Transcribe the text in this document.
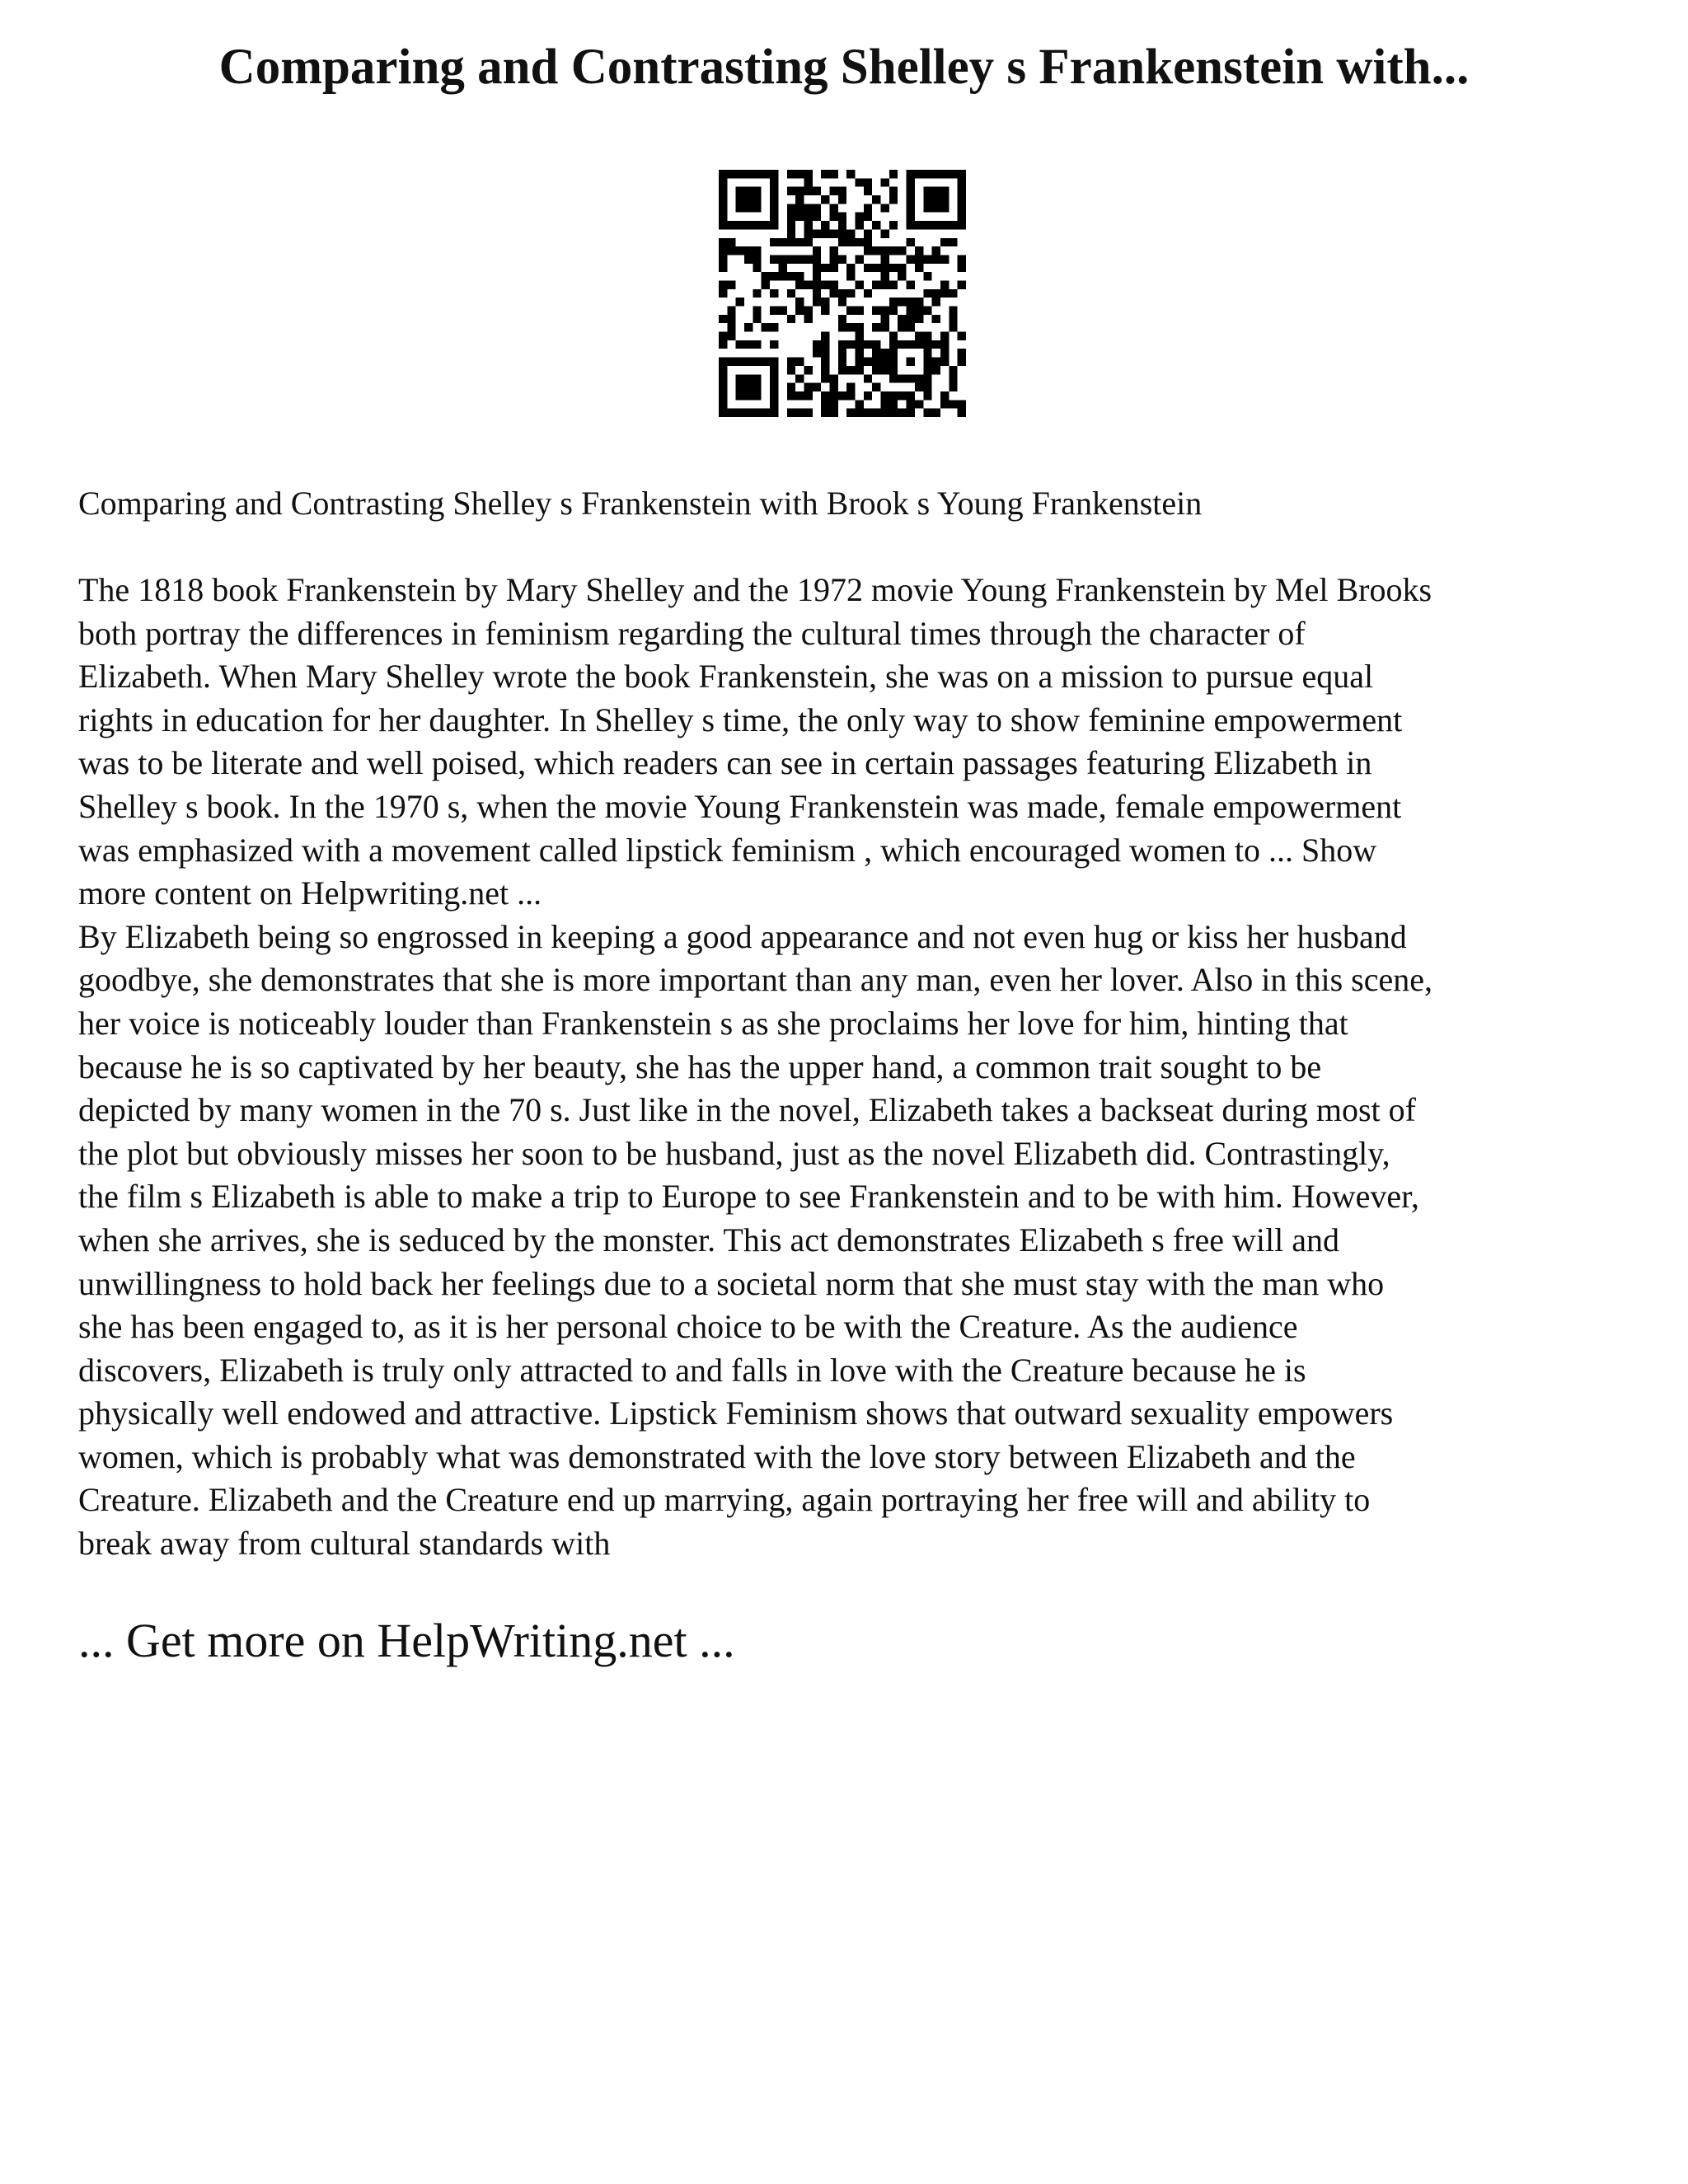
Comparing and Contrasting Shelley s Frankenstein with...

Comparing and Contrasting Shelley s Frankenstein with Brook s Young Frankenstein

The 1818 book Frankenstein by Mary Shelley and the 1972 movie Young Frankenstein by Mel Brooks
both portray the differences in feminism regarding the cultural times through the character of
Elizabeth. When Mary Shelley wrote the book Frankenstein, she was on a mission to pursue equal
rights in education for her daughter. In Shelley s time, the only way to show feminine empowerment
was to be literate and well poised, which readers can see in certain passages featuring Elizabeth in
Shelley s book. In the 1970 s, when the movie Young Frankenstein was made, female empowerment
was emphasized with a movement called lipstick feminism , which encouraged women to ... Show
more content on Helpwriting.net ...

By Elizabeth being so engrossed in keeping a good appearance and not even hug or kiss her husband
goodbye, she demonstrates that she is more important than any man, even her lover. Also in this scene,
her voice is noticeably louder than Frankenstein s as she proclaims her love for him, hinting that
because he is so captivated by her beauty, she has the upper hand, a common trait sought to be
depicted by many women in the 70 s. Just like in the novel, Elizabeth takes a backseat during most of
the plot but obviously misses her soon to be husband, just as the novel Elizabeth did. Contrastingly,
the film s Elizabeth is able to make a trip to Europe to see Frankenstein and to be with him. However,
when she arrives, she is seduced by the monster. This act demonstrates Elizabeth s free will and
unwillingness to hold back her feelings due to a societal norm that she must stay with the man who
she has been engaged to, as it is her personal choice to be with the Creature. As the audience
discovers, Elizabeth is truly only attracted to and falls in love with the Creature because he is
physically well endowed and attractive. Lipstick Feminism shows that outward sexuality empowers
women, which is probably what was demonstrated with the love story between Elizabeth and the
Creature. Elizabeth and the Creature end up marrying, again portraying her free will and ability to
break away from cultural standards with

... Get more on HelpWriting.net ...
